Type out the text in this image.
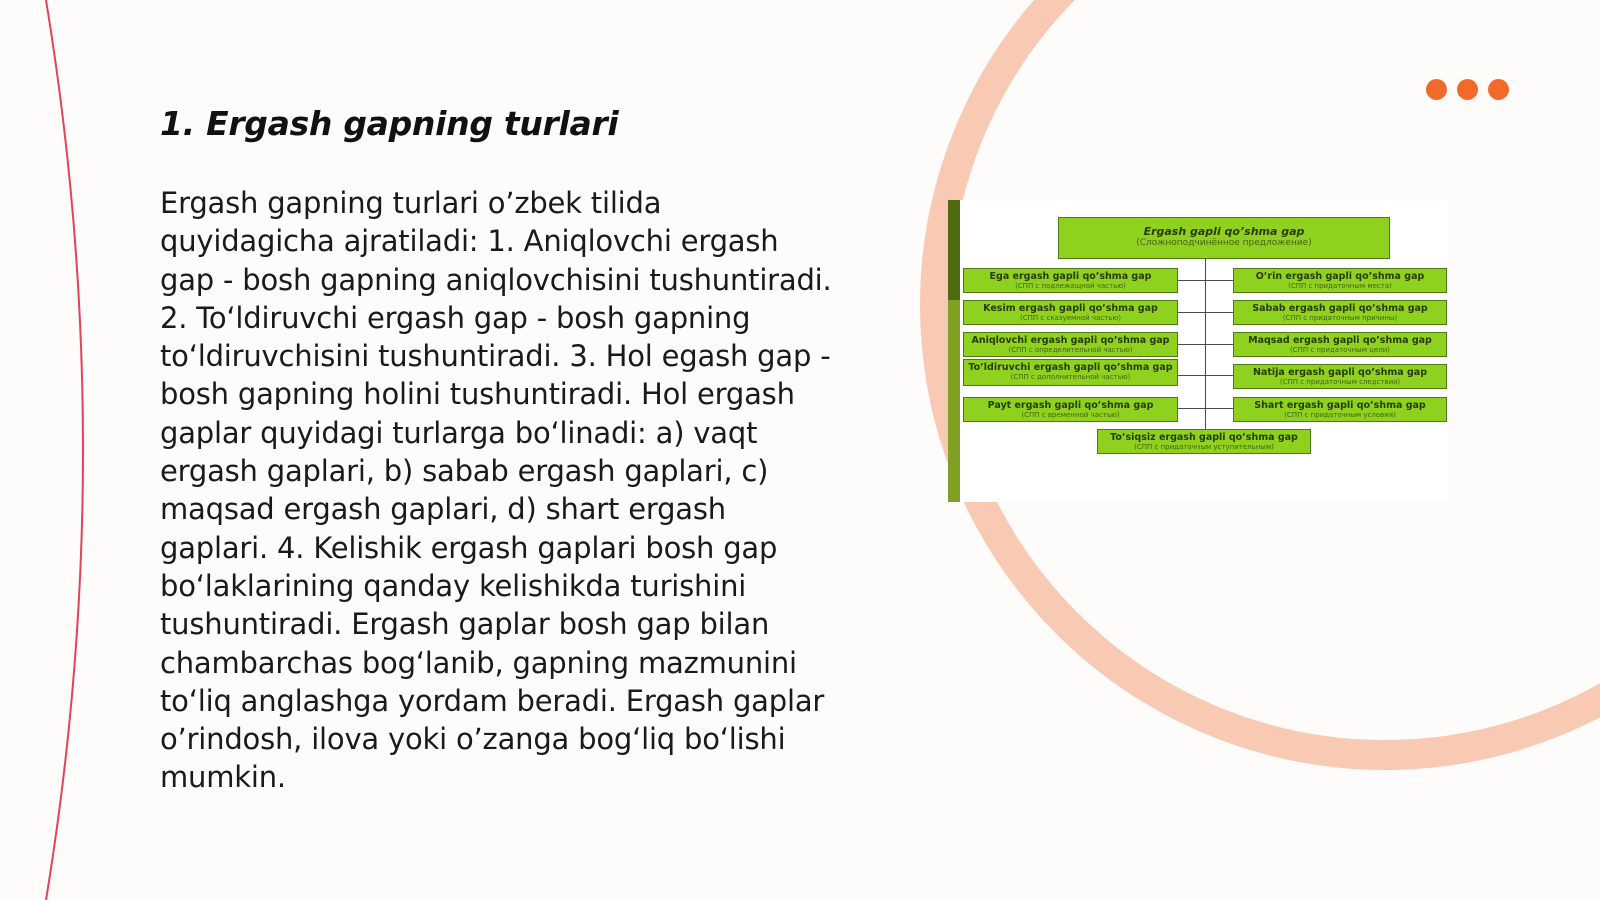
1. Ergash gapning turlari

Ergash gapning turlari o’zbek tilida quyidagicha ajratiladi: 1. Aniqlovchi ergash gap - bosh gapning aniqlovchisini tushuntiradi. 2. To‘ldiruvchi ergash gap - bosh gapning to‘ldiruvchisini tushuntiradi. 3. Hol egash gap - bosh gapning holini tushuntiradi. Hol ergash gaplar quyidagi turlarga bo‘linadi: a) vaqt ergash gaplari, b) sabab ergash gaplari, c) maqsad ergash gaplari, d) shart ergash gaplari. 4. Kelishik ergash gaplari bosh gap bo‘laklarining qanday kelishikda turishini tushuntiradi. Ergash gaplar bosh gap bilan chambarchas bog‘lanib, gapning mazmunini to‘liq anglashga yordam beradi. Ergash gaplar o’rindosh, ilova yoki o’zanga bog‘liq bo‘lishi mumkin.

Ergash gapli qo’shma gap
(Сложноподчинённое предложение)
Ega ergash gapli qo’shma gap
(СПП с подлежащной частью)
Kesim ergash gapli qo’shma gap
(СПП с сказуемной частью)
Aniqlovchi ergash gapli qo’shma gap
(СПП с определительной частью)
To’ldiruvchi ergash gapli qo’shma gap
(СПП с дополнительной частью)
Payt ergash gapli qo’shma gap
(СПП с временной частью)
O’rin ergash gapli qo’shma gap
(СПП с придаточным места)
Sabab ergash gapli qo’shma gap
(СПП с придаточным причины)
Maqsad ergash gapli qo’shma gap
(СПП с придаточным цели)
Natija ergash gapli qo’shma gap
(СПП с придаточным следствия)
Shart ergash gapli qo’shma gap
(СПП с придаточным условия)
To’siqsiz ergash gapli qo’shma gap
(СПП с придаточным уступительным)
